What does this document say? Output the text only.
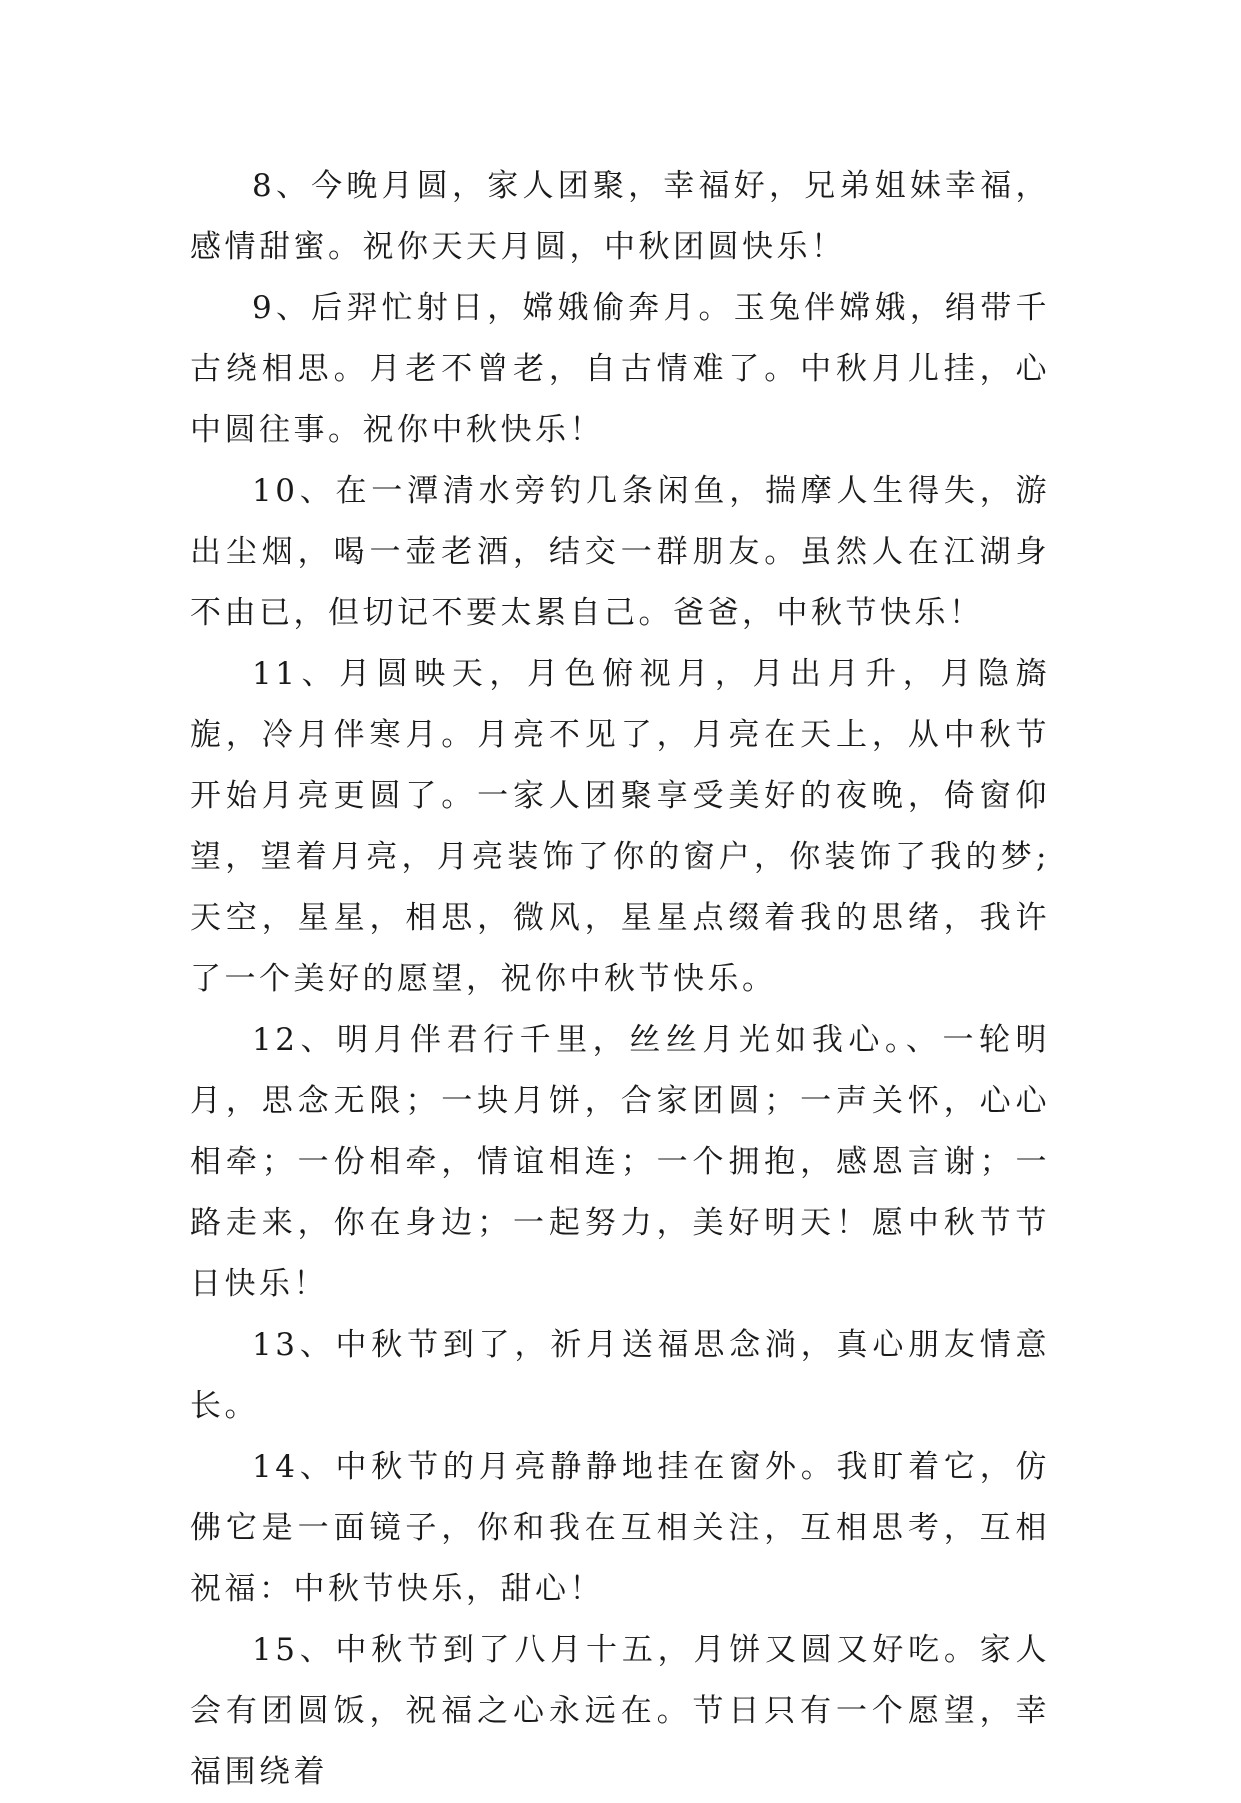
8、今晚月圆，家人团聚，幸福好，兄弟姐妹幸福，感情甜蜜。祝你天天月圆，中秋团圆快乐！

9、后羿忙射日，嫦娥偷奔月。玉兔伴嫦娥，绢带千古绕相思。月老不曾老，自古情难了。中秋月儿挂，心中圆往事。祝你中秋快乐！

10、在一潭清水旁钓几条闲鱼，揣摩人生得失，游出尘烟，喝一壶老酒，结交一群朋友。虽然人在江湖身不由已，但切记不要太累自己。爸爸，中秋节快乐！

11、月圆映天，月色俯视月，月出月升，月隐旖旎，冷月伴寒月。月亮不见了，月亮在天上，从中秋节开始月亮更圆了。一家人团聚享受美好的夜晚，倚窗仰望，望着月亮，月亮装饰了你的窗户，你装饰了我的梦;天空，星星，相思，微风，星星点缀着我的思绪，我许了一个美好的愿望，祝你中秋节快乐。

12、明月伴君行千里，丝丝月光如我心。、一轮明月，思念无限；一块月饼，合家团圆；一声关怀，心心相牵；一份相牵，情谊相连；一个拥抱，感恩言谢；一路走来，你在身边；一起努力，美好明天！愿中秋节节日快乐！

13、中秋节到了，祈月送福思念淌，真心朋友情意长。

14、中秋节的月亮静静地挂在窗外。我盯着它，仿佛它是一面镜子，你和我在互相关注，互相思考，互相祝福：中秋节快乐，甜心！

15、中秋节到了八月十五，月饼又圆又好吃。家人会有团圆饭，祝福之心永远在。节日只有一个愿望，幸福围绕着
